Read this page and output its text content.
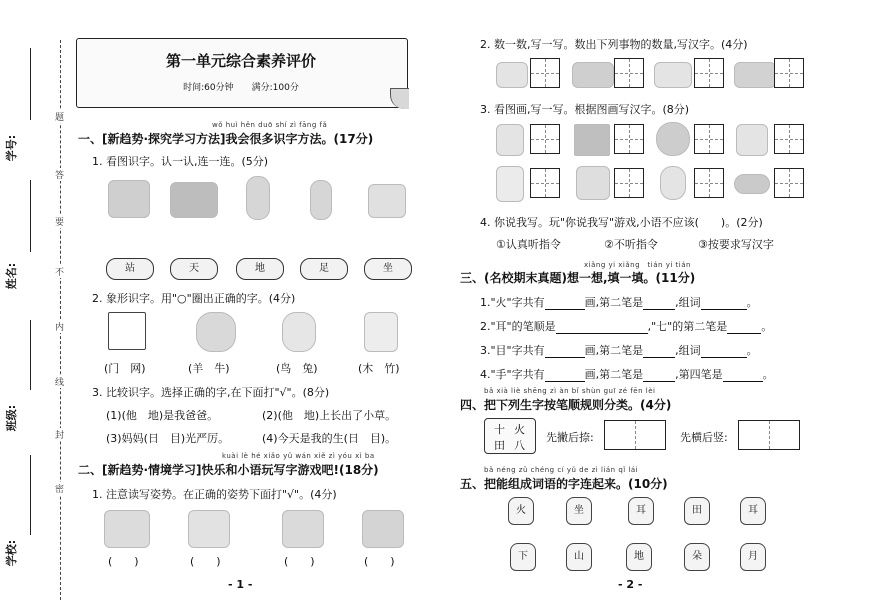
学号:
姓名:
班级:
学校:
题
答
要
不
内
线
封
密
第一单元综合素养评价
时间:60分钟　　满分:100分
wǒ huì hěn duō shí zì fāng fǎ
一、[新趋势·探究学习方法]我会很多识字方法。(17分)
1. 看图识字。认一认,连一连。(5分)
站	天	地	足	坐
2. 象形识字。用"○"圈出正确的字。(4分)
(门　网)	(羊　牛)	(鸟　兔)	(木　竹)
3. 比较识字。选择正确的字,在下面打"√"。(8分)
(1)(他　地)是我爸爸。	(2)(他　地)上长出了小草。
(3)妈妈(日　目)光严厉。	(4)今天是我的生(日　目)。
kuài lè hé xiǎo yǔ wán xiě zì yóu xì ba
二、[新趋势·情境学习]快乐和小语玩写字游戏吧!(18分)
1. 注意读写姿势。在正确的姿势下面打"√"。(4分)
(　　)	(　　)	(　　)	(　　)
- 1 -
2. 数一数,写一写。数出下列事物的数量,写汉字。(4分)
3. 看图画,写一写。根据图画写汉字。(8分)
4. 你说我写。玩"你说我写"游戏,小语不应该(　　)。(2分)
①认真听指令	②不听指令	③按要求写汉字
xiǎng yi xiǎng　tián yi tián
三、(名校期末真题)想一想,填一填。(11分)
1."火"字共有	画,第二笔是	,组词	。
2."耳"的笔顺是	,"七"的第二笔是	。
3."目"字共有	画,第二笔是	,组词	。
4."手"字共有	画,第二笔是	,第四笔是	。
bǎ xià liè shēng zì àn bǐ shùn guī zé fēn lèi
四、把下列生字按笔顺规则分类。(4分)
十 火
田 八
先撇后捺:	先横后竖:
bǎ néng zǔ chéng cí yǔ de zì lián qǐ lái
五、把能组成词语的字连起来。(10分)
火	坐	耳	田	耳
下	山	地	朵	月
- 2 -
